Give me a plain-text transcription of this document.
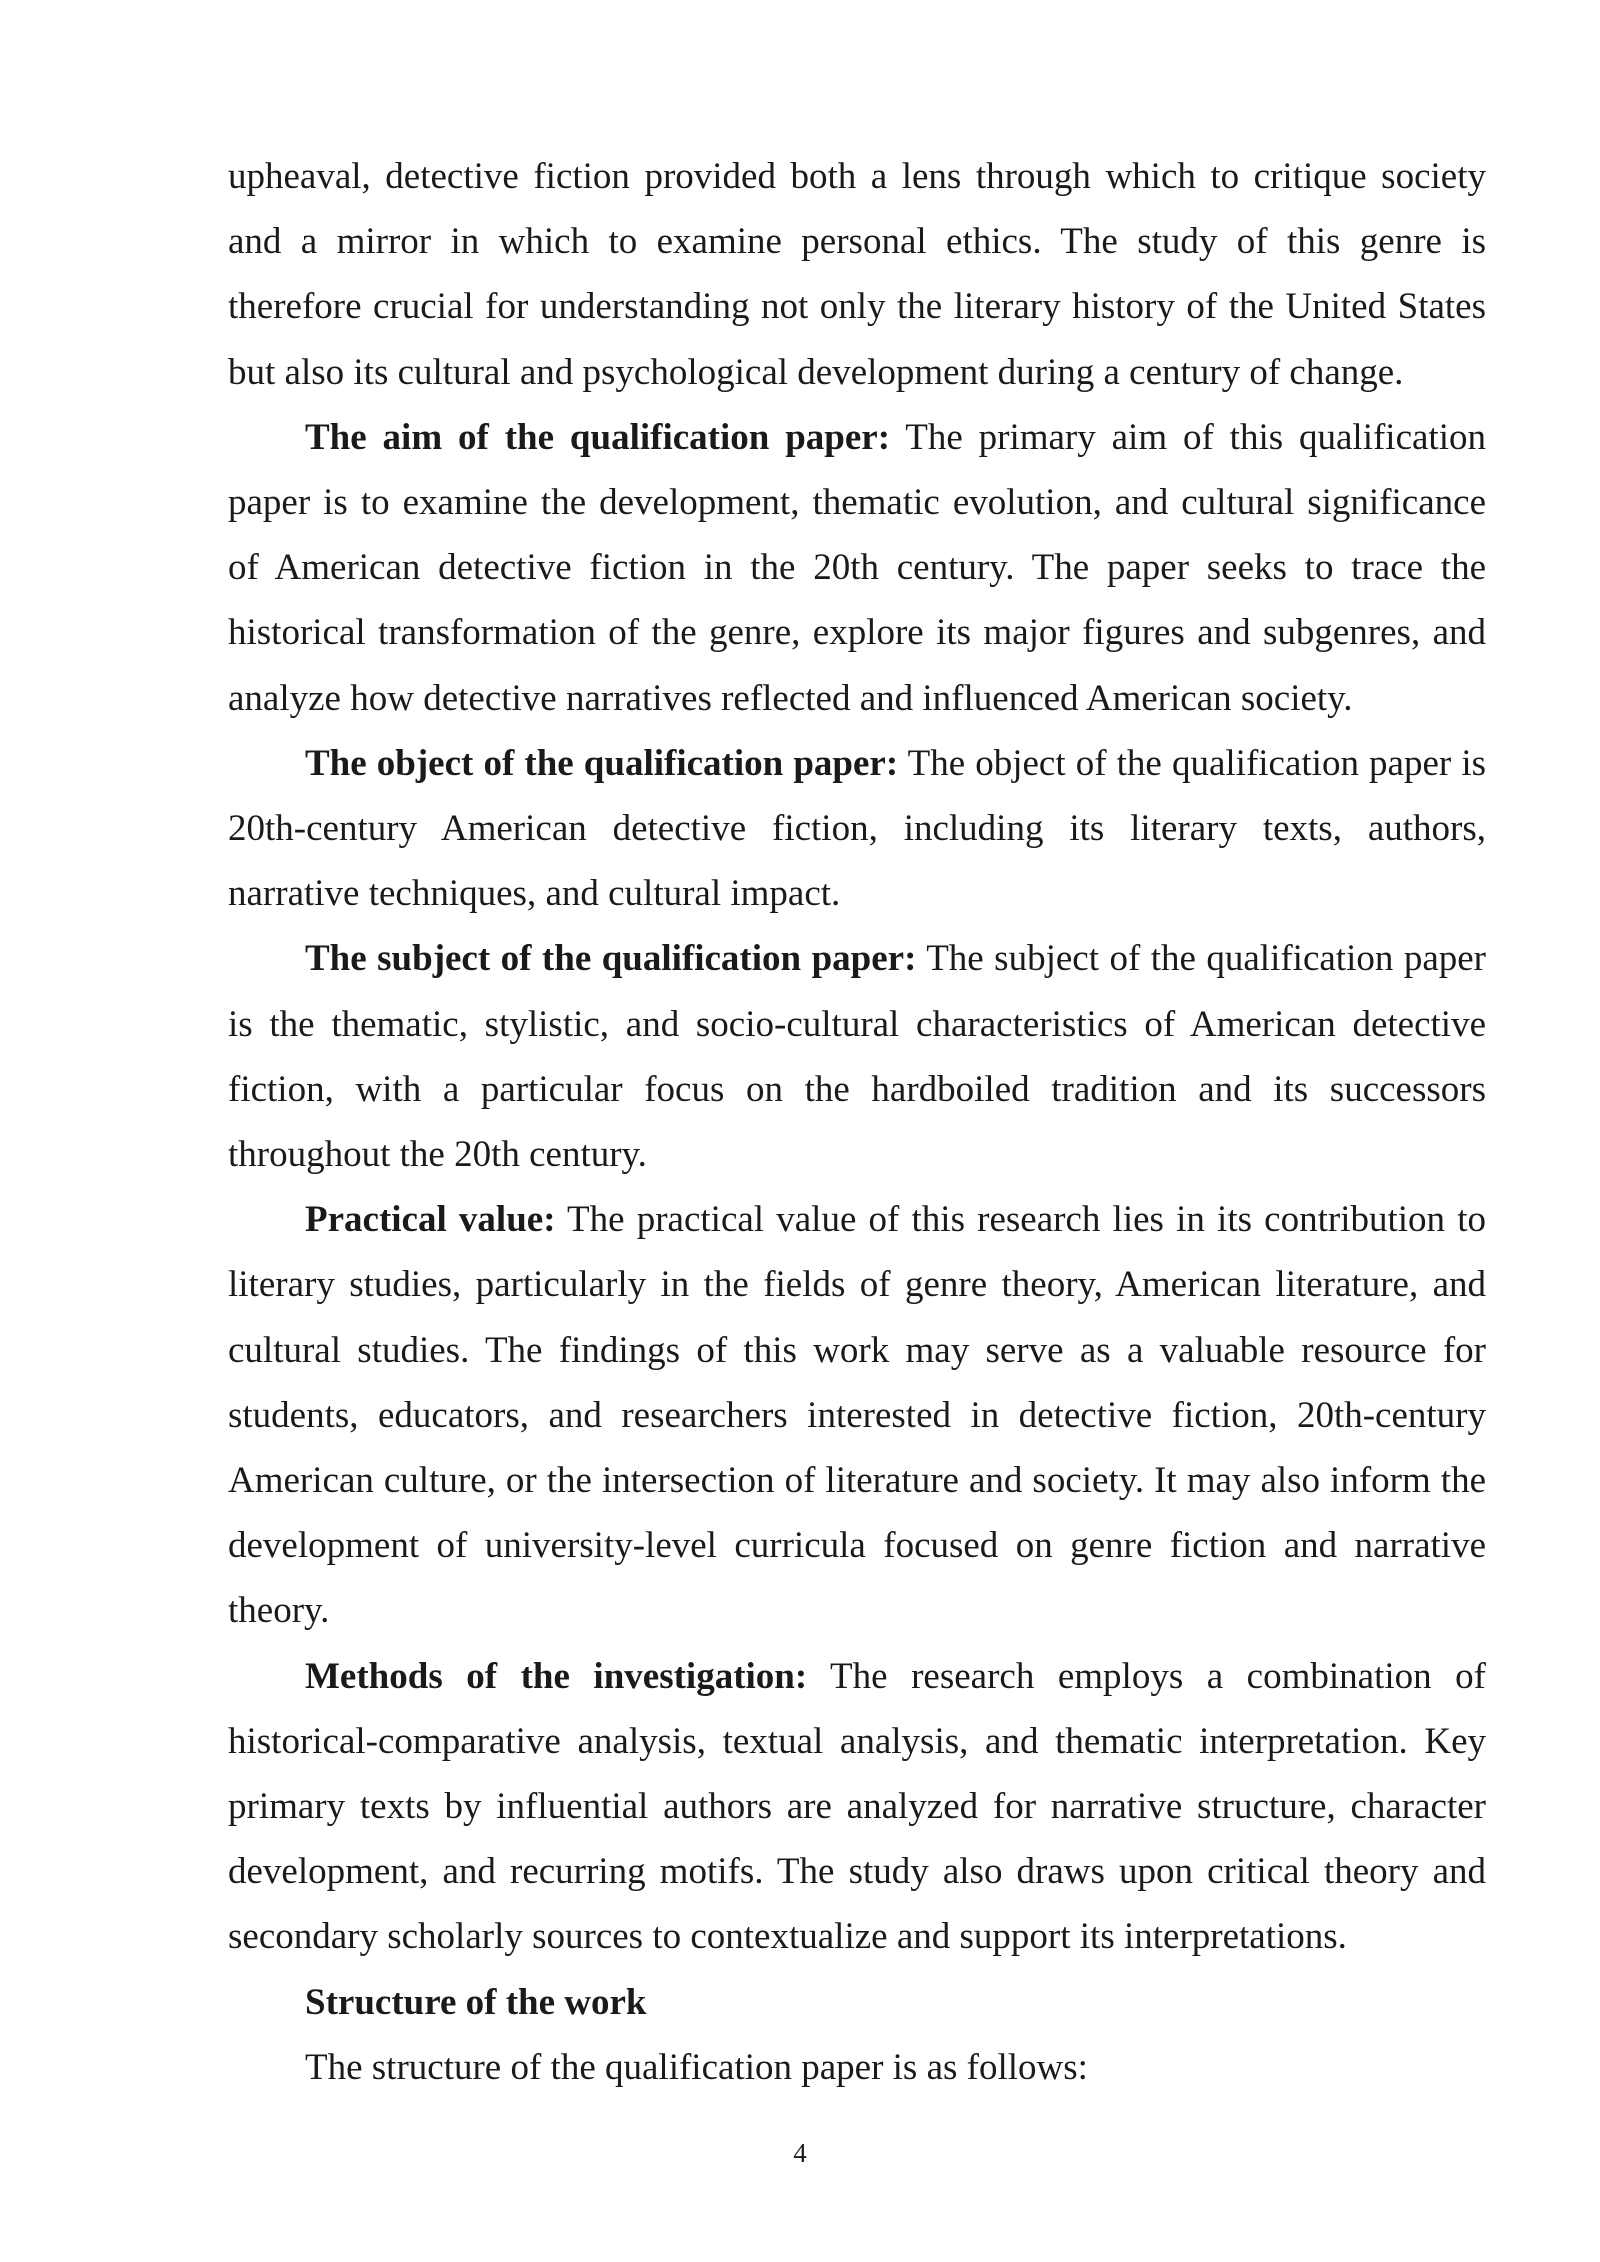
upheaval, detective fiction provided both a lens through which to critique society and a mirror in which to examine personal ethics. The study of this genre is therefore crucial for understanding not only the literary history of the United States but also its cultural and psychological development during a century of change.

The aim of the qualification paper: The primary aim of this qualification paper is to examine the development, thematic evolution, and cultural significance of American detective fiction in the 20th century. The paper seeks to trace the historical transformation of the genre, explore its major figures and subgenres, and analyze how detective narratives reflected and influenced American society.

The object of the qualification paper: The object of the qualification paper is 20th-century American detective fiction, including its literary texts, authors, narrative techniques, and cultural impact.

The subject of the qualification paper: The subject of the qualification paper is the thematic, stylistic, and socio-cultural characteristics of American detective fiction, with a particular focus on the hardboiled tradition and its successors throughout the 20th century.

Practical value: The practical value of this research lies in its contribution to literary studies, particularly in the fields of genre theory, American literature, and cultural studies. The findings of this work may serve as a valuable resource for students, educators, and researchers interested in detective fiction, 20th-century American culture, or the intersection of literature and society. It may also inform the development of university-level curricula focused on genre fiction and narrative theory.

Methods of the investigation: The research employs a combination of historical-comparative analysis, textual analysis, and thematic interpretation. Key primary texts by influential authors are analyzed for narrative structure, character development, and recurring motifs. The study also draws upon critical theory and secondary scholarly sources to contextualize and support its interpretations.

Structure of the work

The structure of the qualification paper is as follows:

4
